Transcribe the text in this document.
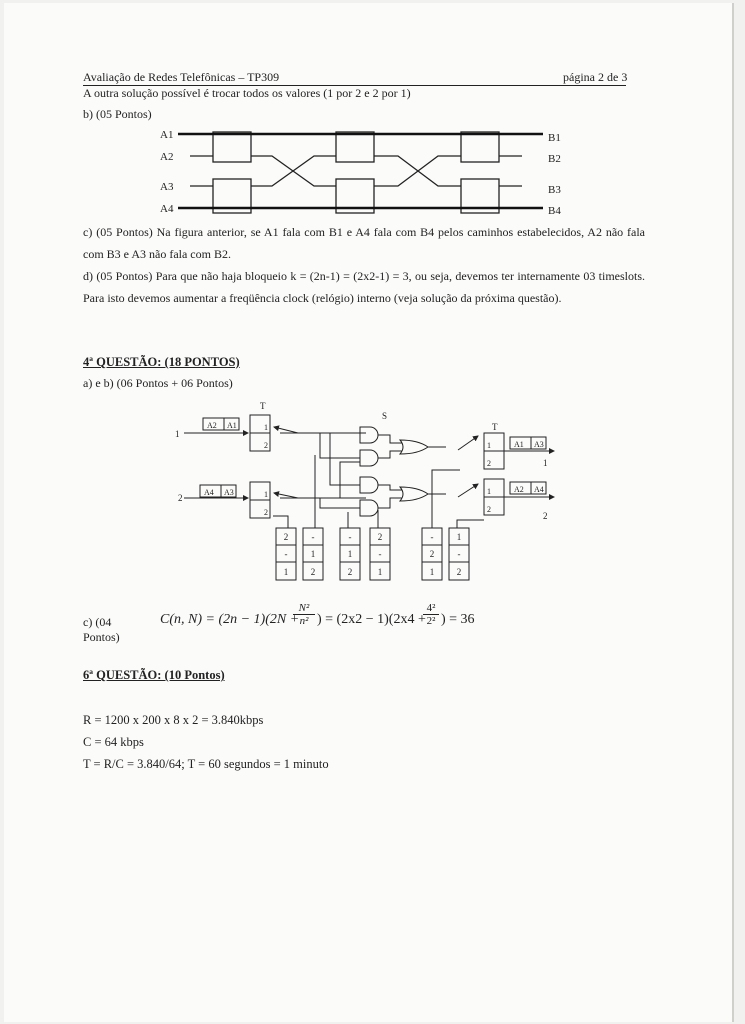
Avaliação de Redes Telefônicas – TP309	página 2 de 3
A outra solução possível é trocar todos os valores (1 por 2 e 2 por 1)
b) (05 Pontos)
A1
A2
A3
A4
B1
B2
B3
B4
c) (05 Pontos) Na figura anterior, se A1 fala com B1 e A4 fala com B4 pelos caminhos estabelecidos, A2 não fala com B3 e A3 não fala com B2.
d) (05 Pontos) Para que não haja bloqueio k = (2n-1) = (2x2-1) = 3, ou seja, devemos ter internamente 03 timeslots. Para isto devemos aumentar a freqüência clock (relógio) interno (veja solução da próxima questão).
4ª QUESTÃO: (18 PONTOS)
a) e b) (06 Pontos + 06 Pontos)
T
S
T
1
2
1
2
A2 A1
A4 A3
A1 A3
A2 A4
1
2
1
2
1
2
1
2
2
-
1
-
1
2
-
1
2
2
-
1
-
2
1
1
-
2
c) (04 Pontos)
C(n, N) = (2n − 1)(2N +
$\frac{\text{N²}}{\text{n²}}$ ) = (2x2 − 1)(2x4 +
$\frac{\text{4²}}{\text{2²}}$ ) = 36
6ª QUESTÃO: (10 Pontos)
R = 1200 x 200 x 8 x 2 = 3.840kbps
C = 64 kbps
T = R/C = 3.840/64; T = 60 segundos = 1 minuto
